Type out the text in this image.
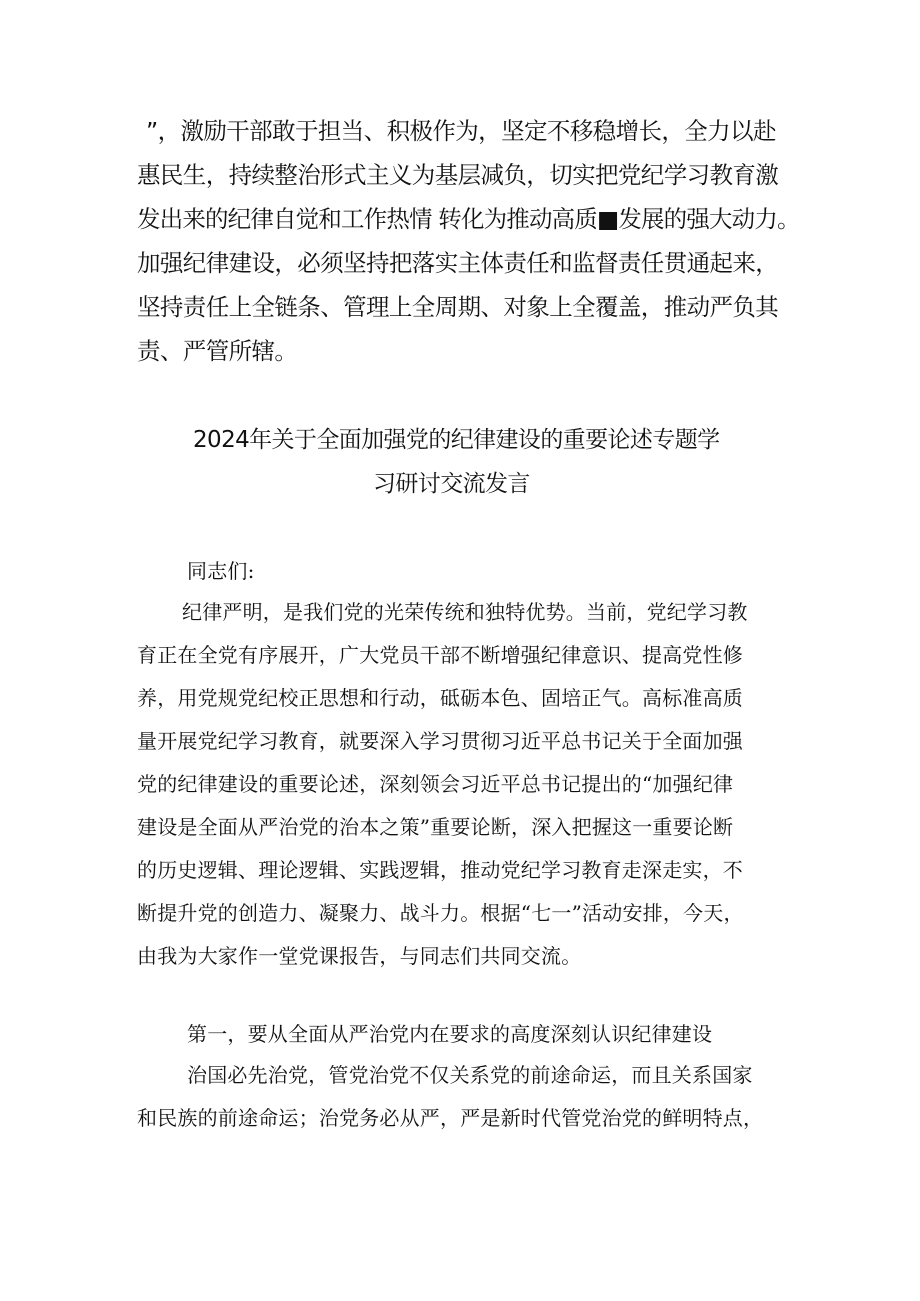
”，激励干部敢于担当、积极作为，坚定不移稳增长，全力以赴
惠民生，持续整治形式主义为基层减负，切实把党纪学习教育激
发出来的纪律自觉和工作热情 转化为推动高质■发展的强大动力。
加强纪律建设，必须坚持把落实主体责任和监督责任贯通起来，
坚持责任上全链条、管理上全周期、对象上全覆盖，推动严负其
责、严管所辖。
2024年关于全面加强党的纪律建设的重要论述专题学
习研讨交流发言
同志们:
纪律严明，是我们党的光荣传统和独特优势。当前，党纪学习教
育正在全党有序展开，广大党员干部不断增强纪律意识、提高党性修
养，用党规党纪校正思想和行动，砥砺本色、固培正气。高标准高质
量开展党纪学习教育，就要深入学习贯彻习近平总书记关于全面加强
党的纪律建设的重要论述，深刻领会习近平总书记提出的“加强纪律
建设是全面从严治党的治本之策”重要论断，深入把握这一重要论断
的历史逻辑、理论逻辑、实践逻辑，推动党纪学习教育走深走实，不
断提升党的创造力、凝聚力、战斗力。根据“七一”活动安排，今天，
由我为大家作一堂党课报告，与同志们共同交流。
第一，要从全面从严治党内在要求的高度深刻认识纪律建设
治国必先治党，管党治党不仅关系党的前途命运，而且关系国家
和民族的前途命运；治党务必从严，严是新时代管党治党的鲜明特点，
